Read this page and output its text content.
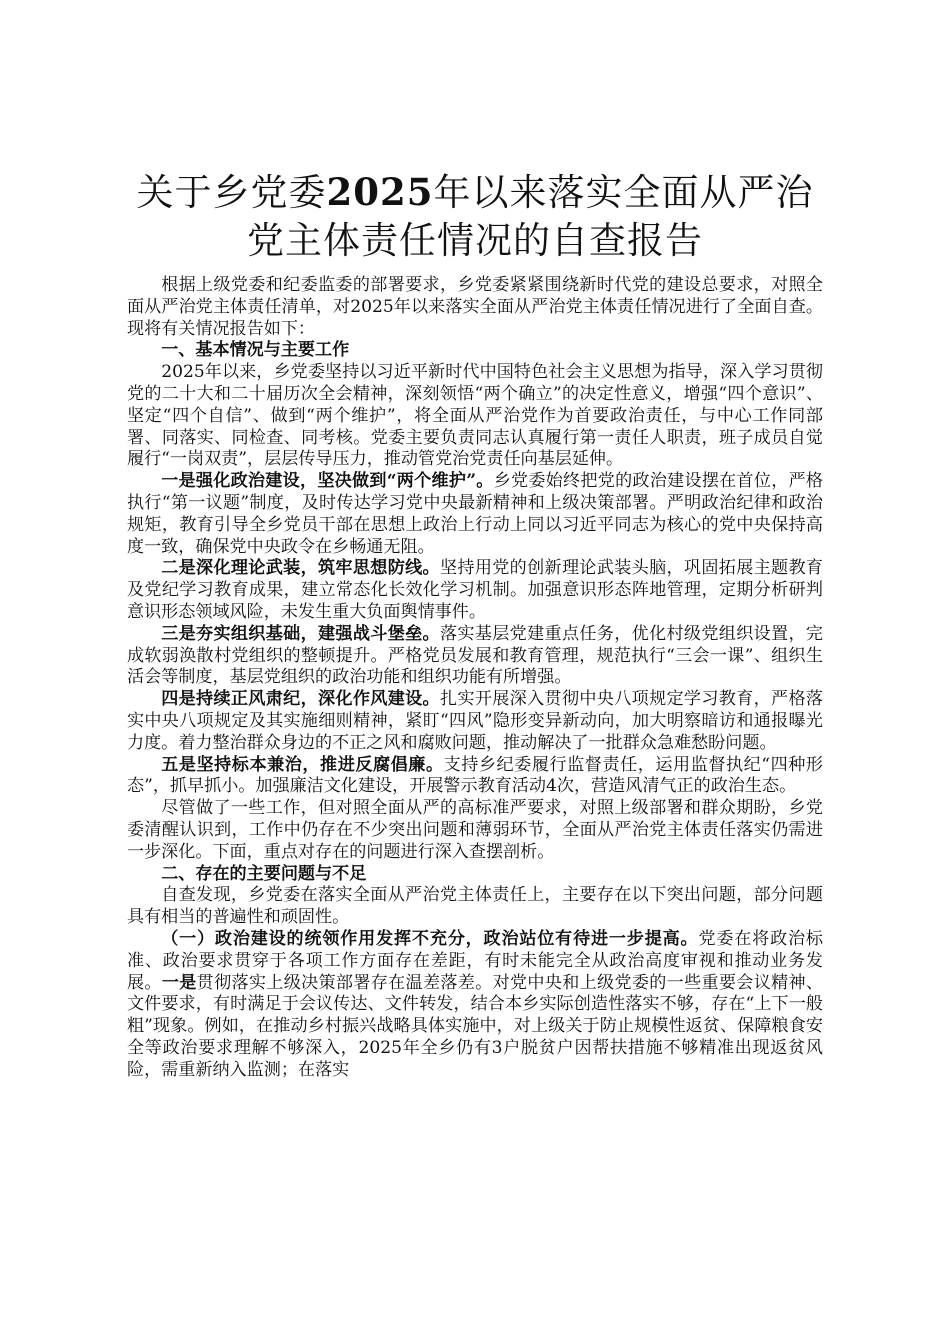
关于乡党委2025年以来落实全面从严治党主体责任情况的自查报告

根据上级党委和纪委监委的部署要求，乡党委紧紧围绕新时代党的建设总要求，对照全面从严治党主体责任清单，对2025年以来落实全面从严治党主体责任情况进行了全面自查。现将有关情况报告如下：

一、基本情况与主要工作

2025年以来，乡党委坚持以习近平新时代中国特色社会主义思想为指导，深入学习贯彻党的二十大和二十届历次全会精神，深刻领悟“两个确立”的决定性意义，增强“四个意识”、坚定“四个自信”、做到“两个维护”，将全面从严治党作为首要政治责任，与中心工作同部署、同落实、同检查、同考核。党委主要负责同志认真履行第一责任人职责，班子成员自觉履行“一岗双责”，层层传导压力，推动管党治党责任向基层延伸。

一是强化政治建设，坚决做到“两个维护”。乡党委始终把党的政治建设摆在首位，严格执行“第一议题”制度，及时传达学习党中央最新精神和上级决策部署。严明政治纪律和政治规矩，教育引导全乡党员干部在思想上政治上行动上同以习近平同志为核心的党中央保持高度一致，确保党中央政令在乡畅通无阻。

二是深化理论武装，筑牢思想防线。坚持用党的创新理论武装头脑，巩固拓展主题教育及党纪学习教育成果，建立常态化长效化学习机制。加强意识形态阵地管理，定期分析研判意识形态领域风险，未发生重大负面舆情事件。

三是夯实组织基础，建强战斗堡垒。落实基层党建重点任务，优化村级党组织设置，完成软弱涣散村党组织的整顿提升。严格党员发展和教育管理，规范执行“三会一课”、组织生活会等制度，基层党组织的政治功能和组织功能有所增强。

四是持续正风肃纪，深化作风建设。扎实开展深入贯彻中央八项规定学习教育，严格落实中央八项规定及其实施细则精神，紧盯“四风”隐形变异新动向，加大明察暗访和通报曝光力度。着力整治群众身边的不正之风和腐败问题，推动解决了一批群众急难愁盼问题。

五是坚持标本兼治，推进反腐倡廉。支持乡纪委履行监督责任，运用监督执纪“四种形态”，抓早抓小。加强廉洁文化建设，开展警示教育活动4次，营造风清气正的政治生态。

尽管做了一些工作，但对照全面从严的高标准严要求，对照上级部署和群众期盼，乡党委清醒认识到，工作中仍存在不少突出问题和薄弱环节，全面从严治党主体责任落实仍需进一步深化。下面，重点对存在的问题进行深入查摆剖析。

二、存在的主要问题与不足

自查发现，乡党委在落实全面从严治党主体责任上，主要存在以下突出问题，部分问题具有相当的普遍性和顽固性。

（一）政治建设的统领作用发挥不充分，政治站位有待进一步提高。党委在将政治标准、政治要求贯穿于各项工作方面存在差距，有时未能完全从政治高度审视和推动业务发展。一是贯彻落实上级决策部署存在温差落差。对党中央和上级党委的一些重要会议精神、文件要求，有时满足于会议传达、文件转发，结合本乡实际创造性落实不够，存在“上下一般粗”现象。例如，在推动乡村振兴战略具体实施中，对上级关于防止规模性返贫、保障粮食安全等政治要求理解不够深入，2025年全乡仍有3户脱贫户因帮扶措施不够精准出现返贫风险，需重新纳入监测；在落实
